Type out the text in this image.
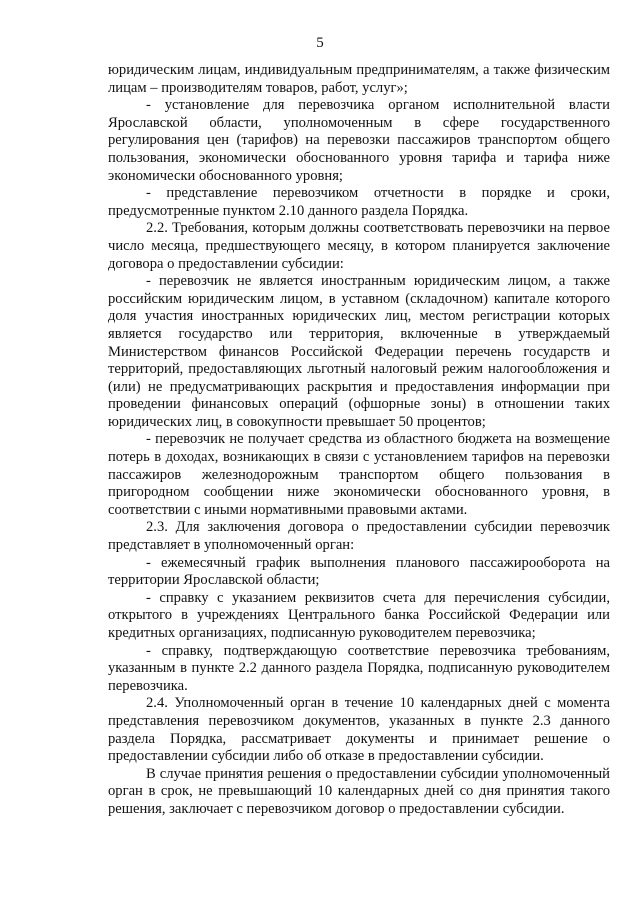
5

юридическим лицам, индивидуальным предпринимателям, а также физическим лицам – производителям товаров, работ, услуг»;

- установление для перевозчика органом исполнительной власти Ярославской области, уполномоченным в сфере государственного регулирования цен (тарифов) на перевозки пассажиров транспортом общего пользования, экономически обоснованного уровня тарифа и тарифа ниже экономически обоснованного уровня;

- представление перевозчиком отчетности в порядке и сроки, предусмотренные пунктом 2.10 данного раздела Порядка.

2.2. Требования, которым должны соответствовать перевозчики на первое число месяца, предшествующего месяцу, в котором планируется заключение договора о предоставлении субсидии:

- перевозчик не является иностранным юридическим лицом, а также российским юридическим лицом, в уставном (складочном) капитале которого доля участия иностранных юридических лиц, местом регистрации которых является государство или территория, включенные в утверждаемый Министерством финансов Российской Федерации перечень государств и территорий, предоставляющих льготный налоговый режим налогообложения и (или) не предусматривающих раскрытия и предоставления информации при проведении финансовых операций (офшорные зоны) в отношении таких юридических лиц, в совокупности превышает 50 процентов;

- перевозчик не получает средства из областного бюджета на возмещение потерь в доходах, возникающих в связи с установлением тарифов на перевозки пассажиров железнодорожным транспортом общего пользования в пригородном сообщении ниже экономически обоснованного уровня, в соответствии с иными нормативными правовыми актами.

2.3. Для заключения договора о предоставлении субсидии перевозчик представляет в уполномоченный орган:

- ежемесячный график выполнения планового пассажирооборота на территории Ярославской области;

- справку с указанием реквизитов счета для перечисления субсидии, открытого в учреждениях Центрального банка Российской Федерации или кредитных организациях, подписанную руководителем перевозчика;

- справку, подтверждающую соответствие перевозчика требованиям, указанным в пункте 2.2 данного раздела Порядка, подписанную руководителем перевозчика.

2.4. Уполномоченный орган в течение 10 календарных дней с момента представления перевозчиком документов, указанных в пункте 2.3 данного раздела Порядка, рассматривает документы и принимает решение о предоставлении субсидии либо об отказе в предоставлении субсидии.

В случае принятия решения о предоставлении субсидии уполномоченный орган в срок, не превышающий 10 календарных дней со дня принятия такого решения, заключает с перевозчиком договор о предоставлении субсидии.
